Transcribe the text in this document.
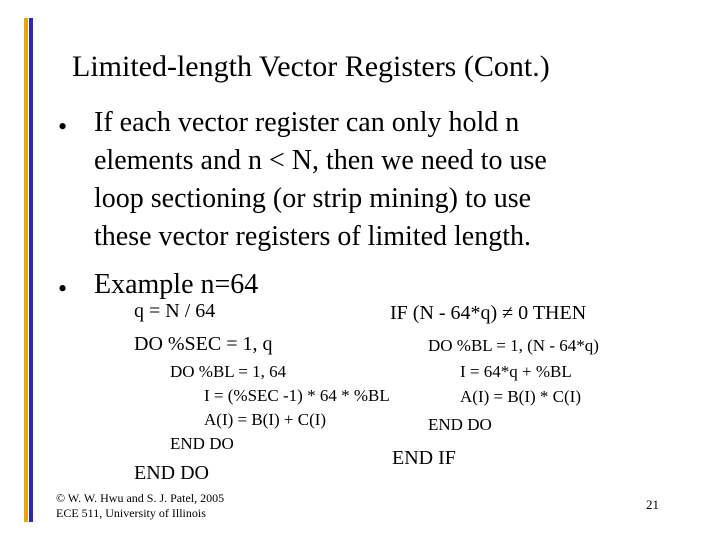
Limited-length Vector Registers (Cont.)
• If each vector register can only hold n
elements and n < N, then we need to use
loop sectioning (or strip mining) to use
these vector registers of limited length.
• Example n=64
q = N / 64
DO %SEC = 1, q
DO %BL = 1, 64
I = (%SEC -1) * 64 * %BL
A(I) = B(I) + C(I)
END DO
END DO
IF (N - 64*q) ≠ 0 THEN
DO %BL = 1, (N - 64*q)
I = 64*q + %BL
A(I) = B(I) * C(I)
END DO
END IF
© W. W. Hwu and S. J. Patel, 2005
ECE 511, University of Illinois
21
